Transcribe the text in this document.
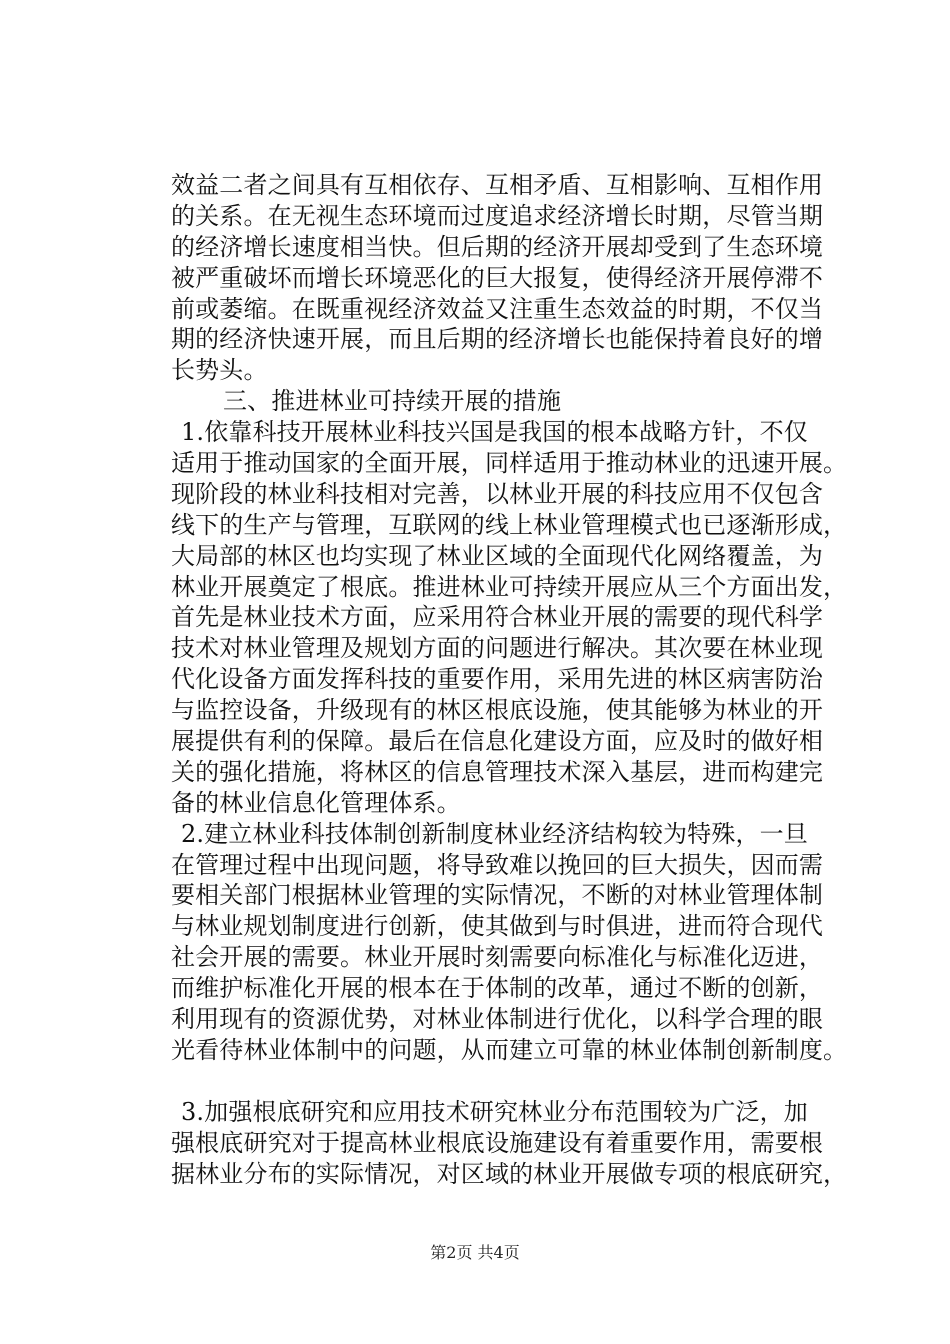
效益二者之间具有互相依存、互相矛盾、互相影响、互相作用
的关系。在无视生态环境而过度追求经济增长时期，尽管当期
的经济增长速度相当快。但后期的经济开展却受到了生态环境
被严重破坏而增长环境恶化的巨大报复，使得经济开展停滞不
前或萎缩。在既重视经济效益又注重生态效益的时期，不仅当
期的经济快速开展，而且后期的经济增长也能保持着良好的增
长势头。
三、推进林业可持续开展的措施
1.依靠科技开展林业科技兴国是我国的根本战略方针，不仅
适用于推动国家的全面开展，同样适用于推动林业的迅速开展。
现阶段的林业科技相对完善，以林业开展的科技应用不仅包含
线下的生产与管理，互联网的线上林业管理模式也已逐渐形成，
大局部的林区也均实现了林业区域的全面现代化网络覆盖，为
林业开展奠定了根底。推进林业可持续开展应从三个方面出发，
首先是林业技术方面，应采用符合林业开展的需要的现代科学
技术对林业管理及规划方面的问题进行解决。其次要在林业现
代化设备方面发挥科技的重要作用，采用先进的林区病害防治
与监控设备，升级现有的林区根底设施，使其能够为林业的开
展提供有利的保障。最后在信息化建设方面，应及时的做好相
关的强化措施，将林区的信息管理技术深入基层，进而构建完
备的林业信息化管理体系。
2.建立林业科技体制创新制度林业经济结构较为特殊，一旦
在管理过程中出现问题，将导致难以挽回的巨大损失，因而需
要相关部门根据林业管理的实际情况，不断的对林业管理体制
与林业规划制度进行创新，使其做到与时俱进，进而符合现代
社会开展的需要。林业开展时刻需要向标准化与标准化迈进，
而维护标准化开展的根本在于体制的改革，通过不断的创新，
利用现有的资源优势，对林业体制进行优化，以科学合理的眼
光看待林业体制中的问题，从而建立可靠的林业体制创新制度。
3.加强根底研究和应用技术研究林业分布范围较为广泛，加
强根底研究对于提高林业根底设施建设有着重要作用，需要根
据林业分布的实际情况，对区域的林业开展做专项的根底研究，
第2页 共4页
